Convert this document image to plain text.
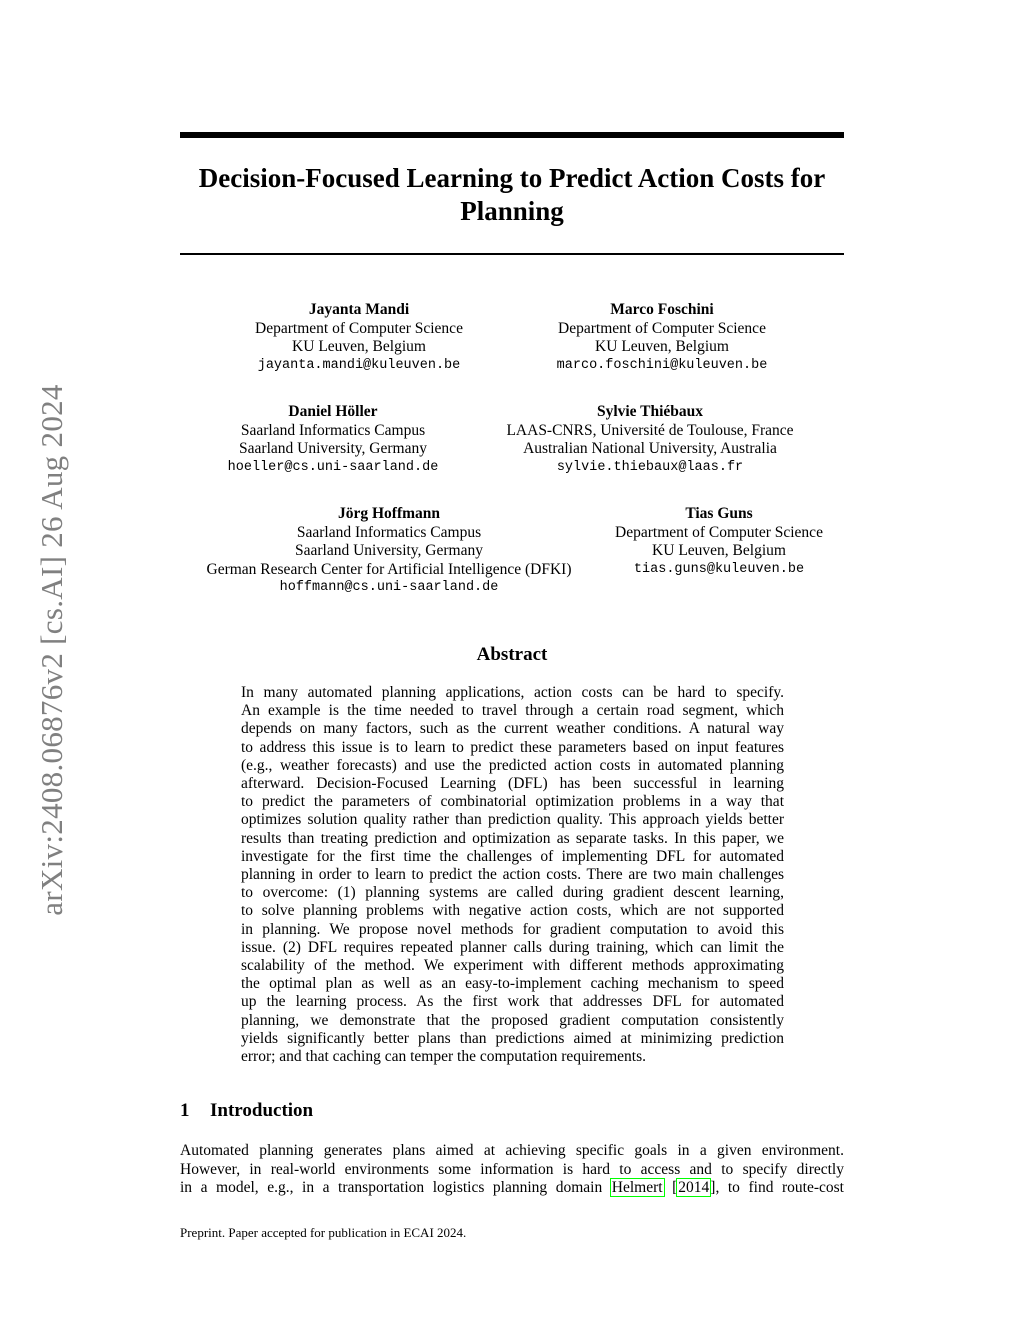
arXiv:2408.06876v2 [cs.AI] 26 Aug 2024
Decision-Focused Learning to Predict Action Costs for Planning
Jayanta Mandi
Department of Computer Science
KU Leuven, Belgium
jayanta.mandi@kuleuven.be
Marco Foschini
Department of Computer Science
KU Leuven, Belgium
marco.foschini@kuleuven.be
Daniel Höller
Saarland Informatics Campus
Saarland University, Germany
hoeller@cs.uni-saarland.de
Sylvie Thiébaux
LAAS-CNRS, Université de Toulouse, France
Australian National University, Australia
sylvie.thiebaux@laas.fr
Jörg Hoffmann
Saarland Informatics Campus
Saarland University, Germany
German Research Center for Artificial Intelligence (DFKI)
hoffmann@cs.uni-saarland.de
Tias Guns
Department of Computer Science
KU Leuven, Belgium
tias.guns@kuleuven.be
Abstract
In many automated planning applications, action costs can be hard to specify.
An example is the time needed to travel through a certain road segment, which
depends on many factors, such as the current weather conditions. A natural way
to address this issue is to learn to predict these parameters based on input features
(e.g., weather forecasts) and use the predicted action costs in automated planning
afterward. Decision-Focused Learning (DFL) has been successful in learning
to predict the parameters of combinatorial optimization problems in a way that
optimizes solution quality rather than prediction quality. This approach yields better
results than treating prediction and optimization as separate tasks. In this paper, we
investigate for the first time the challenges of implementing DFL for automated
planning in order to learn to predict the action costs. There are two main challenges
to overcome: (1) planning systems are called during gradient descent learning,
to solve planning problems with negative action costs, which are not supported
in planning. We propose novel methods for gradient computation to avoid this
issue. (2) DFL requires repeated planner calls during training, which can limit the
scalability of the method. We experiment with different methods approximating
the optimal plan as well as an easy-to-implement caching mechanism to speed
up the learning process. As the first work that addresses DFL for automated
planning, we demonstrate that the proposed gradient computation consistently
yields significantly better plans than predictions aimed at minimizing prediction
error; and that caching can temper the computation requirements.
1 Introduction
Automated planning generates plans aimed at achieving specific goals in a given environment.
However, in real-world environments some information is hard to access and to specify directly
in a model, e.g., in a transportation logistics planning domain Helmert [2014], to find route-cost

Preprint. Paper accepted for publication in ECAI 2024.
